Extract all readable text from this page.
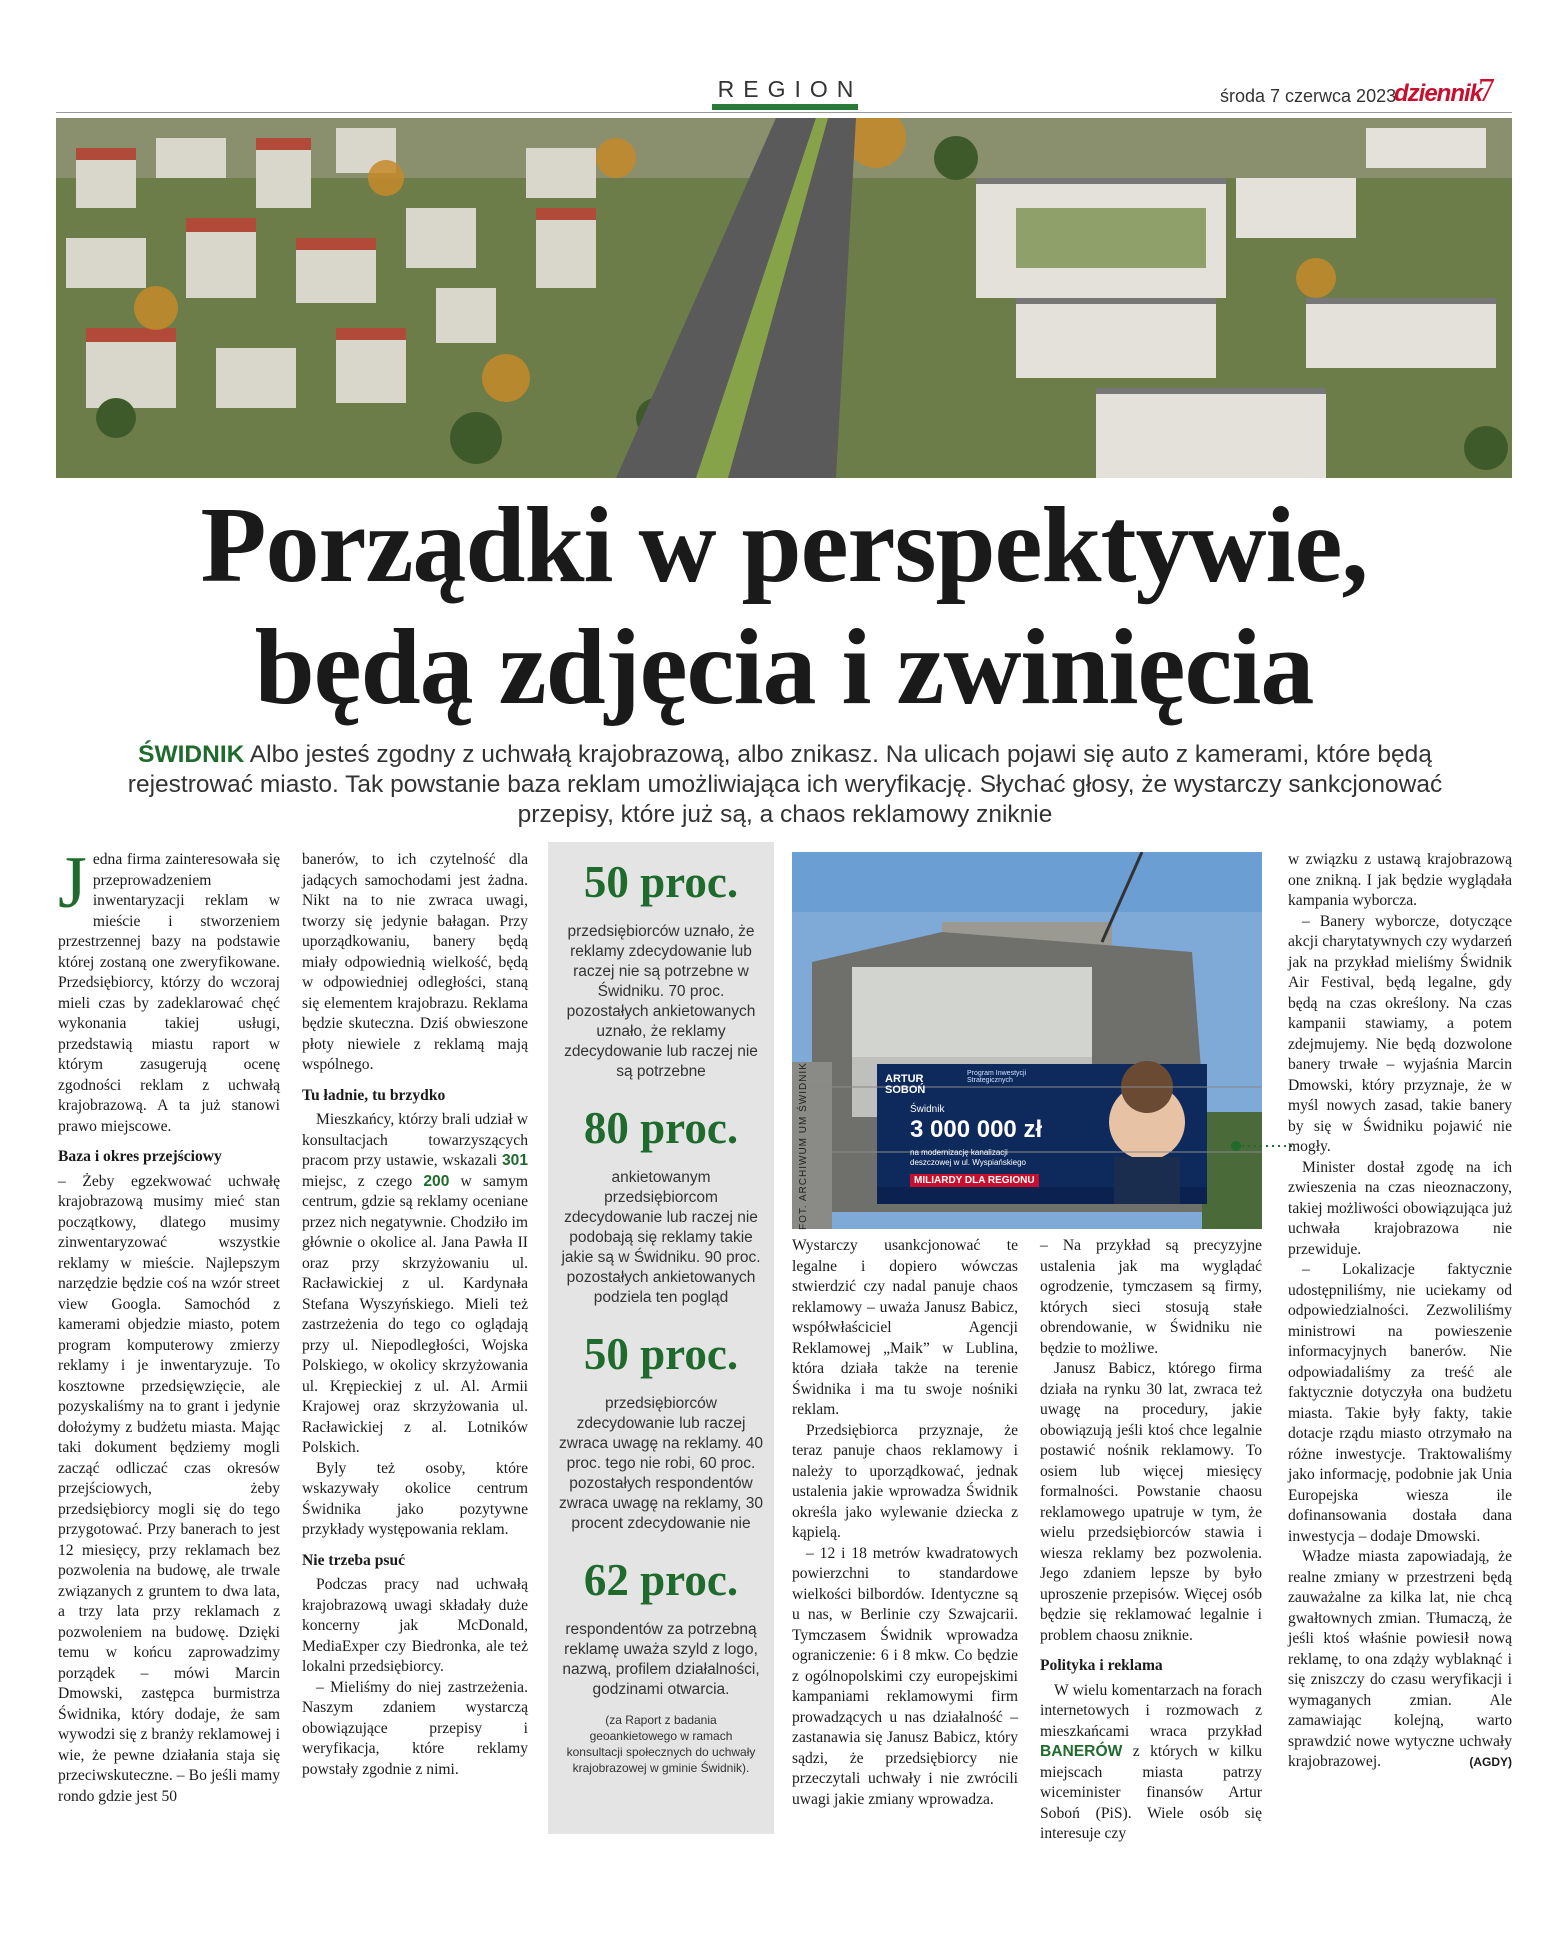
REGION	środa 7 czerwca 2023
dziennik
7
Porządki w perspektywie,
będą zdjęcia i zwinięcia
ŚWIDNIK Albo jesteś zgodny z uchwałą krajobrazową, albo znikasz. Na ulicach pojawi się auto z kamerami, które będą rejestrować miasto. Tak powstanie baza reklam umożliwiająca ich weryfikację. Słychać głosy, że wystarczy sankcjonować przepisy, które już są, a chaos reklamowy zniknie

Jedna firma zainteresowała się przeprowadzeniem inwentaryzacji reklam w mieście i stworzeniem przestrzennej bazy na podstawie której zostaną one zweryfikowane. Przedsiębiorcy, którzy do wczoraj mieli czas by zadeklarować chęć wykonania takiej usługi, przedstawią miastu raport w którym zasugerują ocenę zgodności reklam z uchwałą krajobrazową. A ta już stanowi prawo miejscowe.

Baza i okres przejściowy

– Żeby egzekwować uchwałę krajobrazową musimy mieć stan początkowy, dlatego musimy zinwentaryzować wszystkie reklamy w mieście. Najlepszym narzędzie będzie coś na wzór street view Googla. Samochód z kamerami objedzie miasto, potem program komputerowy zmierzy reklamy i je inwentaryzuje. To kosztowne przedsięwzięcie, ale pozyskaliśmy na to grant i jedynie dołożymy z budżetu miasta. Mając taki dokument będziemy mogli zacząć odliczać czas okresów przejściowych, żeby przedsiębiorcy mogli się do tego przygotować. Przy banerach to jest 12 miesięcy, przy reklamach bez pozwolenia na budowę, ale trwale związanych z gruntem to dwa lata, a trzy lata przy reklamach z pozwoleniem na budowę. Dzięki temu w końcu zaprowadzimy porządek – mówi Marcin Dmowski, zastępca burmistrza Świdnika, który dodaje, że sam wywodzi się z branży reklamowej i wie, że pewne działania staja się przeciwskuteczne. – Bo jeśli mamy rondo gdzie jest 50

banerów, to ich czytelność dla jadących samochodami jest żadna. Nikt na to nie zwraca uwagi, tworzy się jedynie bałagan. Przy uporządkowaniu, banery będą miały odpowiednią wielkość, będą w odpowiedniej odległości, staną się elementem krajobrazu. Reklama będzie skuteczna. Dziś obwieszone płoty niewiele z reklamą mają wspólnego.

Tu ładnie, tu brzydko

Mieszkańcy, którzy brali udział w konsultacjach towarzyszących pracom przy ustawie, wskazali 301 miejsc, z czego 200 w samym centrum, gdzie są reklamy oceniane przez nich negatywnie. Chodziło im głównie o okolice al. Jana Pawła II oraz przy skrzyżowaniu ul. Racławickiej z ul. Kardynała Stefana Wyszyńskiego. Mieli też zastrzeżenia do tego co oglądają przy ul. Niepodległości, Wojska Polskiego, w okolicy skrzyżowania ul. Krępieckiej z ul. Al. Armii Krajowej oraz skrzyżowania ul. Racławickiej z al. Lotników Polskich.

Byly też osoby, które wskazywały okolice centrum Świdnika jako pozytywne przykłady występowania reklam.

Nie trzeba psuć

Podczas pracy nad uchwałą krajobrazową uwagi składały duże koncerny jak McDonald, MediaExper czy Biedronka, ale też lokalni przedsiębiorcy.

– Mieliśmy do niej zastrzeżenia. Naszym zdaniem wystarczą obowiązujące przepisy i weryfikacja, które reklamy powstały zgodnie z nimi.

50 proc.
przedsiębiorców uznało, że reklamy zdecydowanie lub raczej nie są potrzebne w Świdniku. 70 proc. pozostałych ankietowanych uznało, że reklamy zdecydowanie lub raczej nie są potrzebne
80 proc.
ankietowanym przedsiębiorcom zdecydowanie lub raczej nie podobają się reklamy takie jakie są w Świdniku. 90 proc. pozostałych ankietowanych podziela ten pogląd
50 proc.
przedsiębiorców zdecydowanie lub raczej zwraca uwagę na reklamy. 40 proc. tego nie robi, 60 proc. pozostałych respondentów zwraca uwagę na reklamy, 30 procent zdecydowanie nie
62 proc.
respondentów za potrzebną reklamę uważa szyld z logo, nazwą, profilem działalności, godzinami otwarcia.
(za Raport z badania geoankietowego w ramach konsultacji społecznych do uchwały krajobrazowej w gminie Świdnik).
ARTUR SOBOŃ
Program Inwestycji Strategicznych
Świdnik
3 000 000 zł
na modernizację kanalizacji
deszczowej w ul. Wyspiańskiego
MILIARDY DLA REGIONU
FOT. ARCHIWUM UM ŚWIDNIK

Wystarczy usankcjonować te legalne i dopiero wówczas stwierdzić czy nadal panuje chaos reklamowy – uważa Janusz Babicz, współwłaściciel Agencji Reklamowej „Maik” w Lublina, która działa także na terenie Świdnika i ma tu swoje nośniki reklam.

Przedsiębiorca przyznaje, że teraz panuje chaos reklamowy i należy to uporządkować, jednak ustalenia jakie wprowadza Świdnik określa jako wylewanie dziecka z kąpielą.

– 12 i 18 metrów kwadratowych powierzchni to standardowe wielkości bilbordów. Identyczne są u nas, w Berlinie czy Szwajcarii. Tymczasem Świdnik wprowadza ograniczenie: 6 i 8 mkw. Co będzie z ogólnopolskimi czy europejskimi kampaniami reklamowymi firm prowadzących u nas działalność – zastanawia się Janusz Babicz, który sądzi, że przedsiębiorcy nie przeczytali uchwały i nie zwrócili uwagi jakie zmiany wprowadza.

– Na przykład są precyzyjne ustalenia jak ma wyglądać ogrodzenie, tymczasem są firmy, których sieci stosują stałe obrendowanie, w Świdniku nie będzie to możliwe.

Janusz Babicz, którego firma działa na rynku 30 lat, zwraca też uwagę na procedury, jakie obowiązują jeśli ktoś chce legalnie postawić nośnik reklamowy. To osiem lub więcej miesięcy formalności. Powstanie chaosu reklamowego upatruje w tym, że wielu przedsiębiorców stawia i wiesza reklamy bez pozwolenia. Jego zdaniem lepsze by było uproszenie przepisów. Więcej osób będzie się reklamować legalnie i problem chaosu zniknie.

Polityka i reklama

W wielu komentarzach na forach internetowych i rozmowach z mieszkańcami wraca przykład BANERÓW z których w kilku miejscach miasta patrzy wiceminister finansów Artur Soboń (PiS). Wiele osób się interesuje czy

w związku z ustawą krajobrazową one znikną. I jak będzie wyglądała kampania wyborcza.

– Banery wyborcze, dotyczące akcji charytatywnych czy wydarzeń jak na przykład mieliśmy Świdnik Air Festival, będą legalne, gdy będą na czas określony. Na czas kampanii stawiamy, a potem zdejmujemy. Nie będą dozwolone banery trwałe – wyjaśnia Marcin Dmowski, który przyznaje, że w myśl nowych zasad, takie banery by się w Świdniku pojawić nie mogły.

Minister dostał zgodę na ich zwieszenia na czas nieoznaczony, takiej możliwości obowiązująca już uchwała krajobrazowa nie przewiduje.

– Lokalizacje faktycznie udostępniliśmy, nie uciekamy od odpowiedzialności. Zezwoliliśmy ministrowi na powieszenie informacyjnych banerów. Nie odpowiadaliśmy za treść ale faktycznie dotyczyła ona budżetu miasta. Takie były fakty, takie dotacje rządu miasto otrzymało na różne inwestycje. Traktowaliśmy jako informację, podobnie jak Unia Europejska wiesza ile dofinansowania dostała dana inwestycja – dodaje Dmowski.

Władze miasta zapowiadają, że realne zmiany w przestrzeni będą zauważalne za kilka lat, nie chcą gwałtownych zmian. Tłumaczą, że jeśli ktoś właśnie powiesił nową reklamę, to ona zdąży wyblaknąć i się zniszczy do czasu weryfikacji i wymaganych zmian. Ale zamawiając kolejną, warto sprawdzić nowe wytyczne uchwały krajobrazowej.	(AGDY)
